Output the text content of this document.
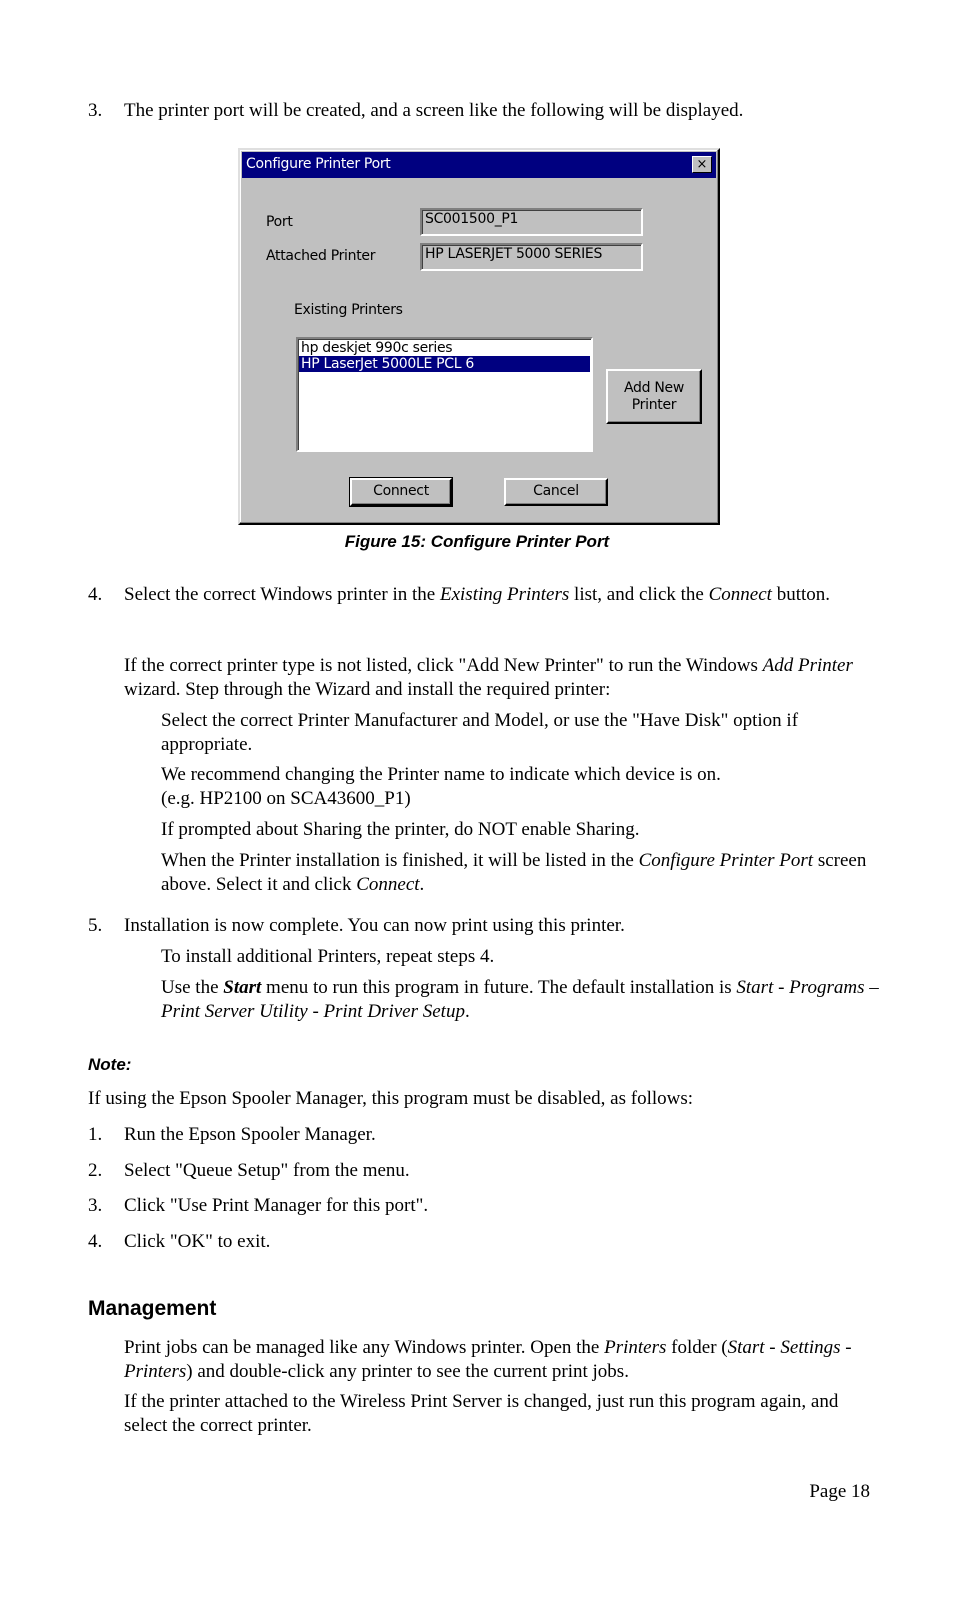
3. The printer port will be created, and a screen like the following will be displayed.
Configure Printer Port	×
Port	SC001500_P1
Attached Printer	HP LASERJET 5000 SERIES
Existing Printers
hp deskjet 990c series
HP LaserJet 5000LE PCL 6
Add New
Printer
Connect	Cancel
Figure 15: Configure Printer Port
4. Select the correct Windows printer in the Existing Printers list, and click the Connect button.
If the correct printer type is not listed, click "Add New Printer" to run the Windows Add Printer wizard. Step through the Wizard and install the required printer:
Select the correct Printer Manufacturer and Model, or use the "Have Disk" option if appropriate.
We recommend changing the Printer name to indicate which device is on.
(e.g. HP2100 on SCA43600_P1)
If prompted about Sharing the printer, do NOT enable Sharing.
When the Printer installation is finished, it will be listed in the Configure Printer Port screen above. Select it and click Connect.
5. Installation is now complete. You can now print using this printer.
To install additional Printers, repeat steps 4.
Use the Start menu to run this program in future. The default installation is Start - Programs – Print Server Utility - Print Driver Setup.
Note:
If using the Epson Spooler Manager, this program must be disabled, as follows:
1. Run the Epson Spooler Manager.
2. Select "Queue Setup" from the menu.
3. Click "Use Print Manager for this port".
4. Click "OK" to exit.
Management
Print jobs can be managed like any Windows printer. Open the Printers folder (Start - Settings - Printers) and double-click any printer to see the current print jobs.
If the printer attached to the Wireless Print Server is changed, just run this program again, and select the correct printer.
Page 18
